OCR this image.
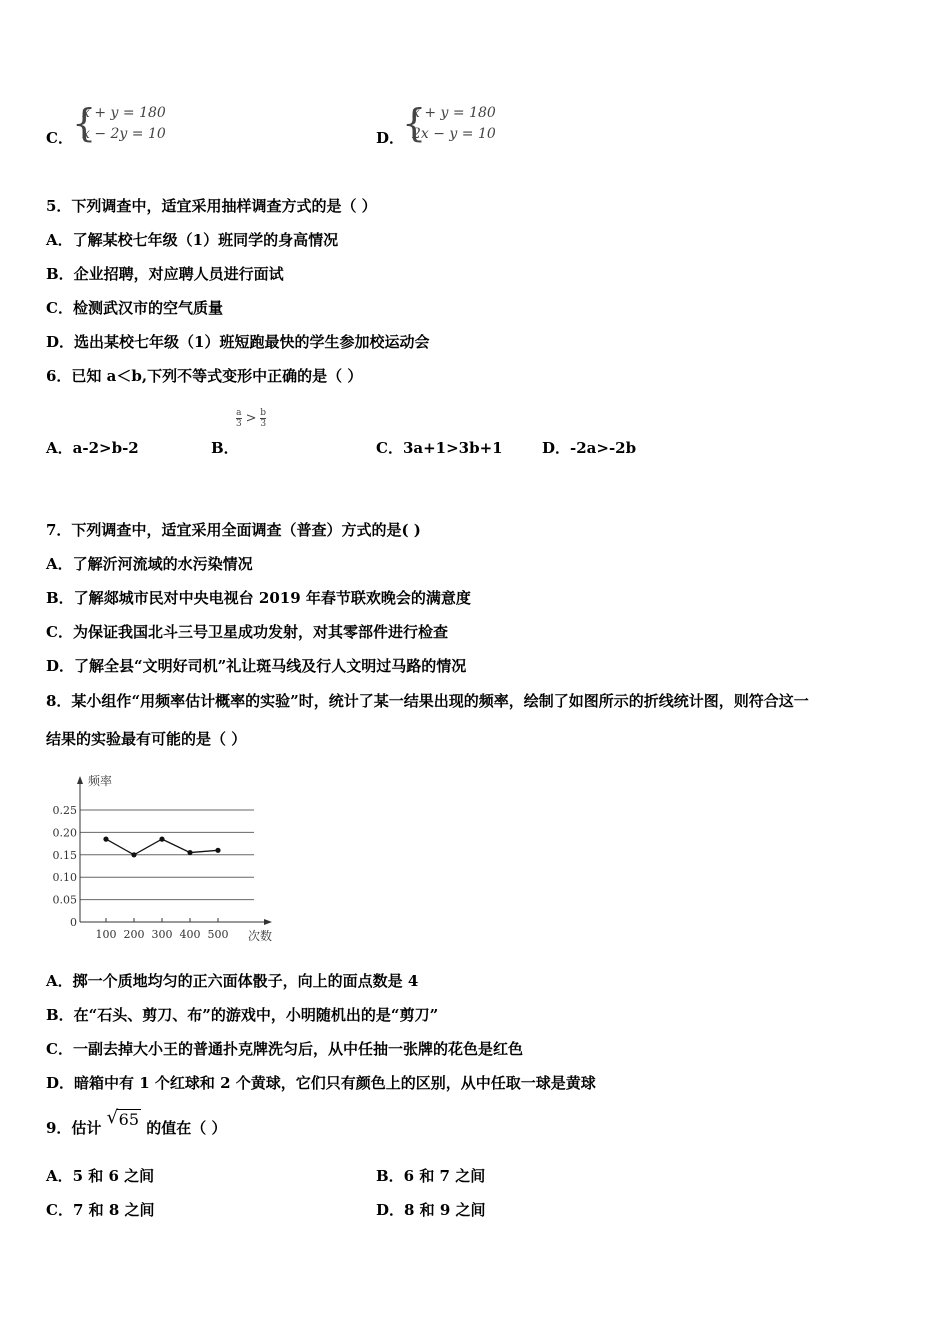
C． {
x + y = 180
x − 2y = 10	D．
{
x + y = 180
2x − y = 10
5．下列调查中，适宜采用抽样调查方式的是（ ）
A．了解某校七年级（1）班同学的身高情况
B．企业招聘，对应聘人员进行面试
C．检测武汉市的空气质量
D．选出某校七年级（1）班短跑最快的学生参加校运动会
6．已知 a＜b,下列不等式变形中正确的是（ ）
$\frac{a}{3} > \frac{b}{3}$
A．a-2>b-2	B．	C．3a+1>3b+1	D．-2a>-2b
7．下列调查中，适宜采用全面调查（普查）方式的是( )
A．了解沂河流域的水污染情况
B．了解郯城市民对中央电视台 2019 年春节联欢晚会的满意度
C．为保证我国北斗三号卫星成功发射，对其零部件进行检查
D．了解全县“文明好司机”礼让斑马线及行人文明过马路的情况
8．某小组作“用频率估计概率的实验”时，统计了某一结果出现的频率，绘制了如图所示的折线统计图，则符合这一
结果的实验最有可能的是（ ）
0
0.05
0.10
0.15
0.20
0.25
100 200 300 400 500
频率
次数
A．掷一个质地均匀的正六面体骰子，向上的面点数是 4
B．在“石头、剪刀、布”的游戏中，小明随机出的是“剪刀”
C．一副去掉大小王的普通扑克牌洗匀后，从中任抽一张牌的花色是红色
D．暗箱中有 1 个红球和 2 个黄球，它们只有颜色上的区别，从中任取一球是黄球
9．估计 √ 65 的值在（ ）
A．5 和 6 之间	B．6 和 7 之间
C．7 和 8 之间	D．8 和 9 之间
